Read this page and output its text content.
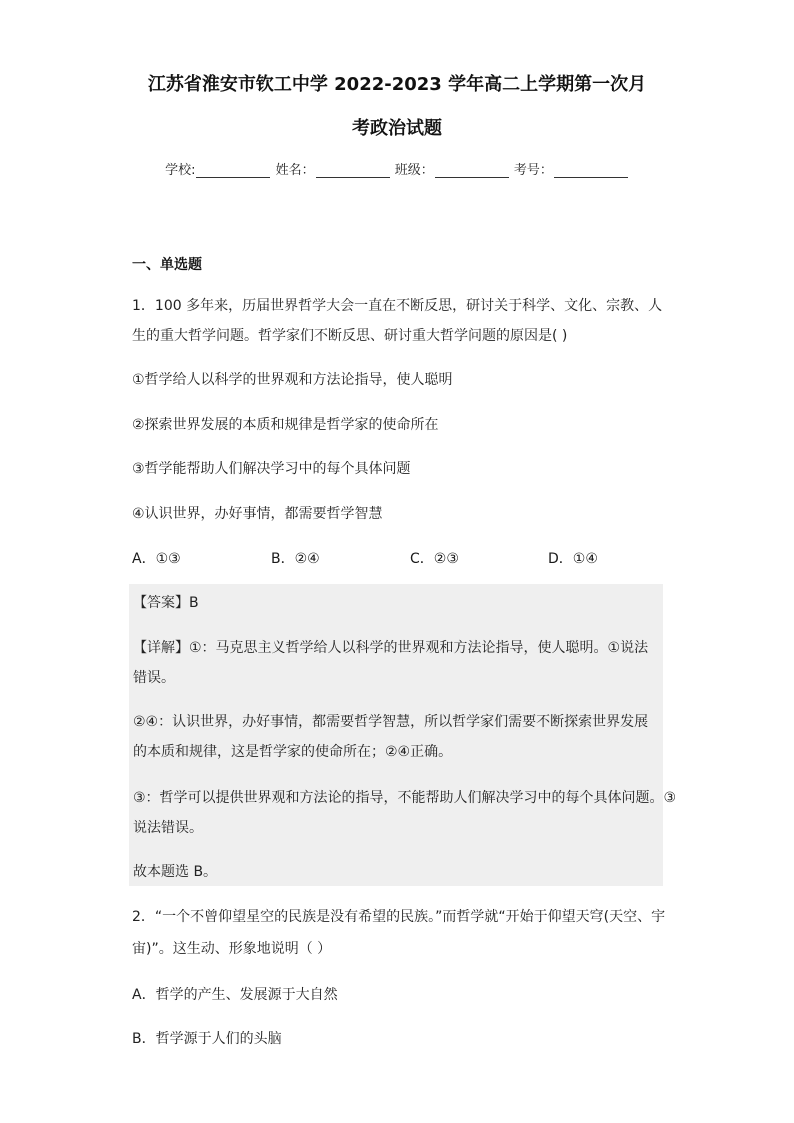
江苏省淮安市钦工中学 2022-2023 学年高二上学期第一次月
考政治试题
学校:	姓名：	班级：	考号：
一、单选题
1．100 多年来，历届世界哲学大会一直在不断反思，研讨关于科学、文化、宗教、人
生的重大哲学问题。哲学家们不断反思、研讨重大哲学问题的原因是( )
①哲学给人以科学的世界观和方法论指导，使人聪明
②探索世界发展的本质和规律是哲学家的使命所在
③哲学能帮助人们解决学习中的每个具体问题
④认识世界，办好事情，都需要哲学智慧
A．①③	B．②④	C．②③	D．①④
【答案】B
【详解】①：马克思主义哲学给人以科学的世界观和方法论指导，使人聪明。①说法
错误。
②④：认识世界，办好事情，都需要哲学智慧，所以哲学家们需要不断探索世界发展
的本质和规律，这是哲学家的使命所在；②④正确。
③：哲学可以提供世界观和方法论的指导，不能帮助人们解决学习中的每个具体问题。③
说法错误。
故本题选 B。
2．“一个不曾仰望星空的民族是没有希望的民族。”而哲学就“开始于仰望天穹(天空、宇
宙)”。这生动、形象地说明（ ）
A．哲学的产生、发展源于大自然
B．哲学源于人们的头脑
